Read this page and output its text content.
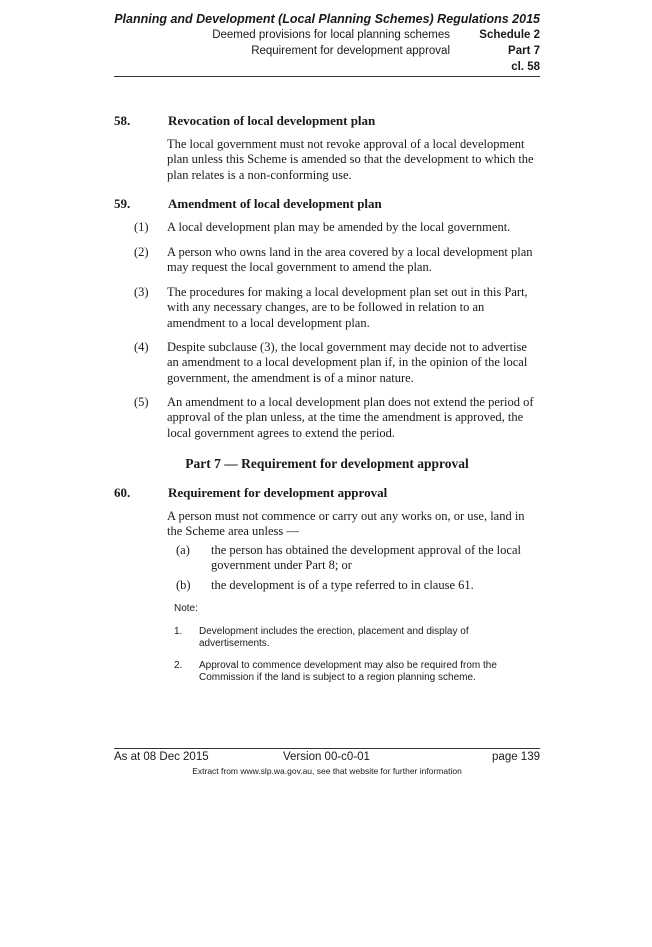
Planning and Development (Local Planning Schemes) Regulations 2015
Deemed provisions for local planning schemes	Schedule 2
Requirement for development approval	Part 7
cl. 58
58.	Revocation of local development plan
The local government must not revoke approval of a local development plan unless this Scheme is amended so that the development to which the plan relates is a non-conforming use.
59.	Amendment of local development plan
(1) A local development plan may be amended by the local government.
(2) A person who owns land in the area covered by a local development plan may request the local government to amend the plan.
(3) The procedures for making a local development plan set out in this Part, with any necessary changes, are to be followed in relation to an amendment to a local development plan.
(4) Despite subclause (3), the local government may decide not to advertise an amendment to a local development plan if, in the opinion of the local government, the amendment is of a minor nature.
(5) An amendment to a local development plan does not extend the period of approval of the plan unless, at the time the amendment is approved, the local government agrees to extend the period.
Part 7 — Requirement for development approval
60.	Requirement for development approval
A person must not commence or carry out any works on, or use, land in the Scheme area unless —
(a) the person has obtained the development approval of the local government under Part 8; or
(b) the development is of a type referred to in clause 61.
Note:
1. Development includes the erection, placement and display of advertisements.
2. Approval to commence development may also be required from the Commission if the land is subject to a region planning scheme.
As at 08 Dec 2015	Version 00-c0-01	page 139
Extract from www.slp.wa.gov.au, see that website for further information
